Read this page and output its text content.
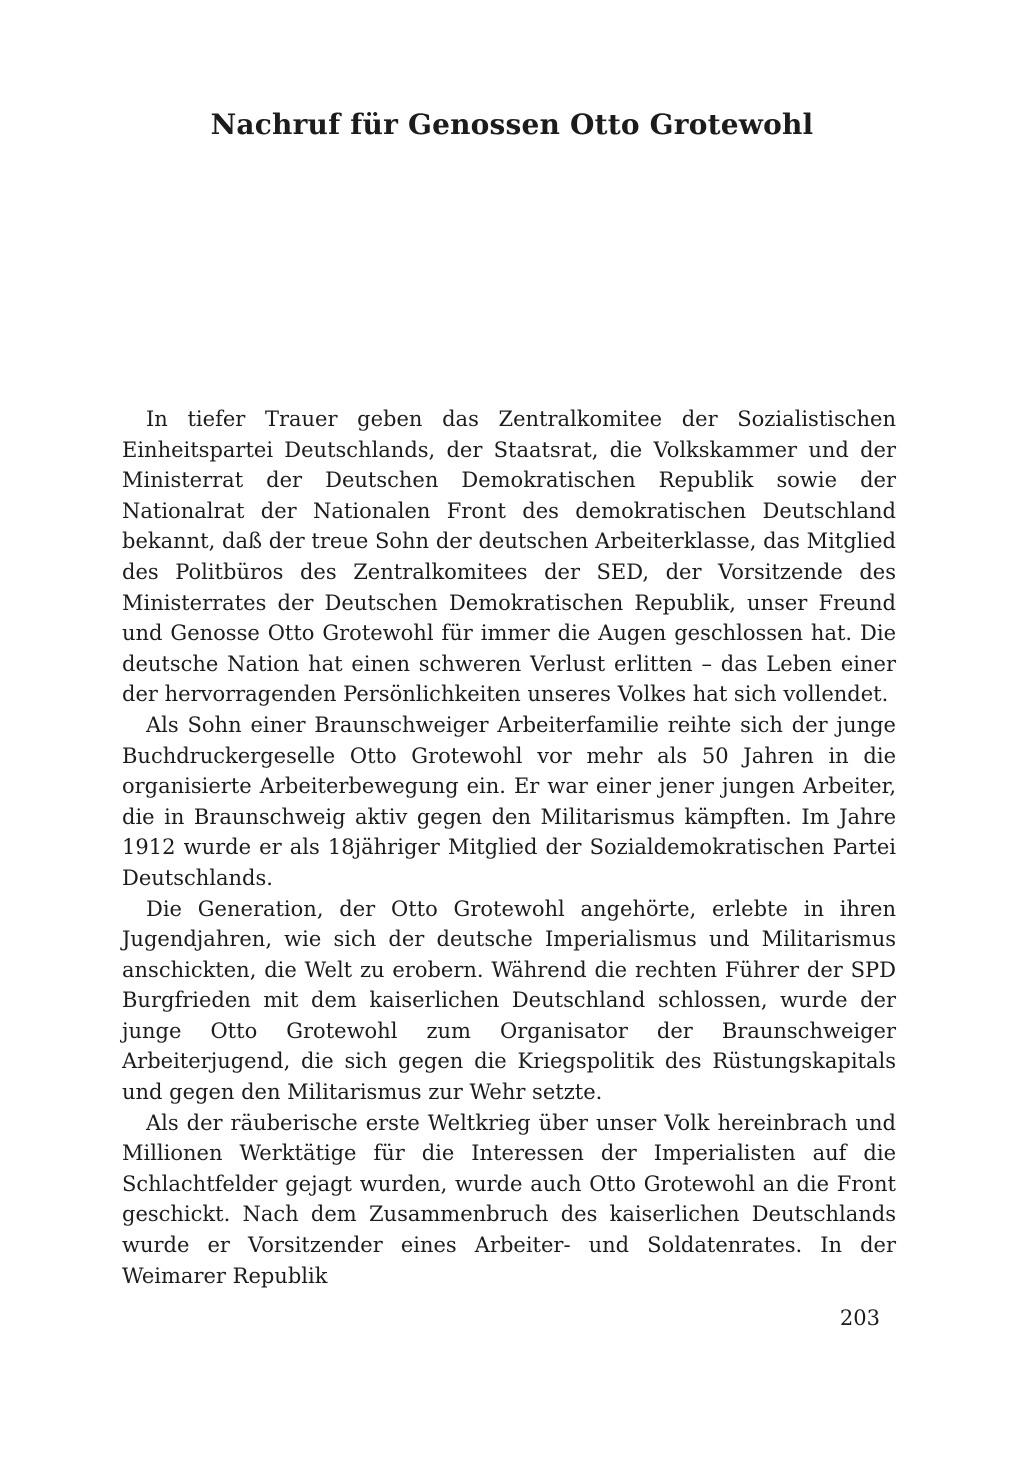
Nachruf für Genossen Otto Grotewohl

In tiefer Trauer geben das Zentralkomitee der Sozialistischen Einheitspartei Deutschlands, der Staatsrat, die Volkskammer und der Ministerrat der Deutschen Demokratischen Republik sowie der Nationalrat der Nationalen Front des demokratischen Deutschland bekannt, daß der treue Sohn der deutschen Arbeiterklasse, das Mitglied des Politbüros des Zentralkomitees der SED, der Vorsitzende des Ministerrates der Deutschen Demokratischen Republik, unser Freund und Genosse Otto Grotewohl für immer die Augen geschlossen hat. Die deutsche Nation hat einen schweren Verlust erlitten – das Leben einer der hervorragenden Persönlichkeiten unseres Volkes hat sich vollendet.

Als Sohn einer Braunschweiger Arbeiterfamilie reihte sich der junge Buchdruckergeselle Otto Grotewohl vor mehr als 50 Jahren in die organisierte Arbeiterbewegung ein. Er war einer jener jungen Arbeiter, die in Braunschweig aktiv gegen den Militarismus kämpften. Im Jahre 1912 wurde er als 18jähriger Mitglied der Sozialdemokratischen Partei Deutschlands.

Die Generation, der Otto Grotewohl angehörte, erlebte in ihren Jugendjahren, wie sich der deutsche Imperialismus und Militarismus anschickten, die Welt zu erobern. Während die rechten Führer der SPD Burgfrieden mit dem kaiserlichen Deutschland schlossen, wurde der junge Otto Grotewohl zum Organisator der Braunschweiger Arbeiterjugend, die sich gegen die Kriegspolitik des Rüstungskapitals und gegen den Militarismus zur Wehr setzte.

Als der räuberische erste Weltkrieg über unser Volk hereinbrach und Millionen Werktätige für die Interessen der Imperialisten auf die Schlachtfelder gejagt wurden, wurde auch Otto Grotewohl an die Front geschickt. Nach dem Zusammenbruch des kaiserlichen Deutschlands wurde er Vorsitzender eines Arbeiter- und Soldatenrates. In der Weimarer Republik

203
